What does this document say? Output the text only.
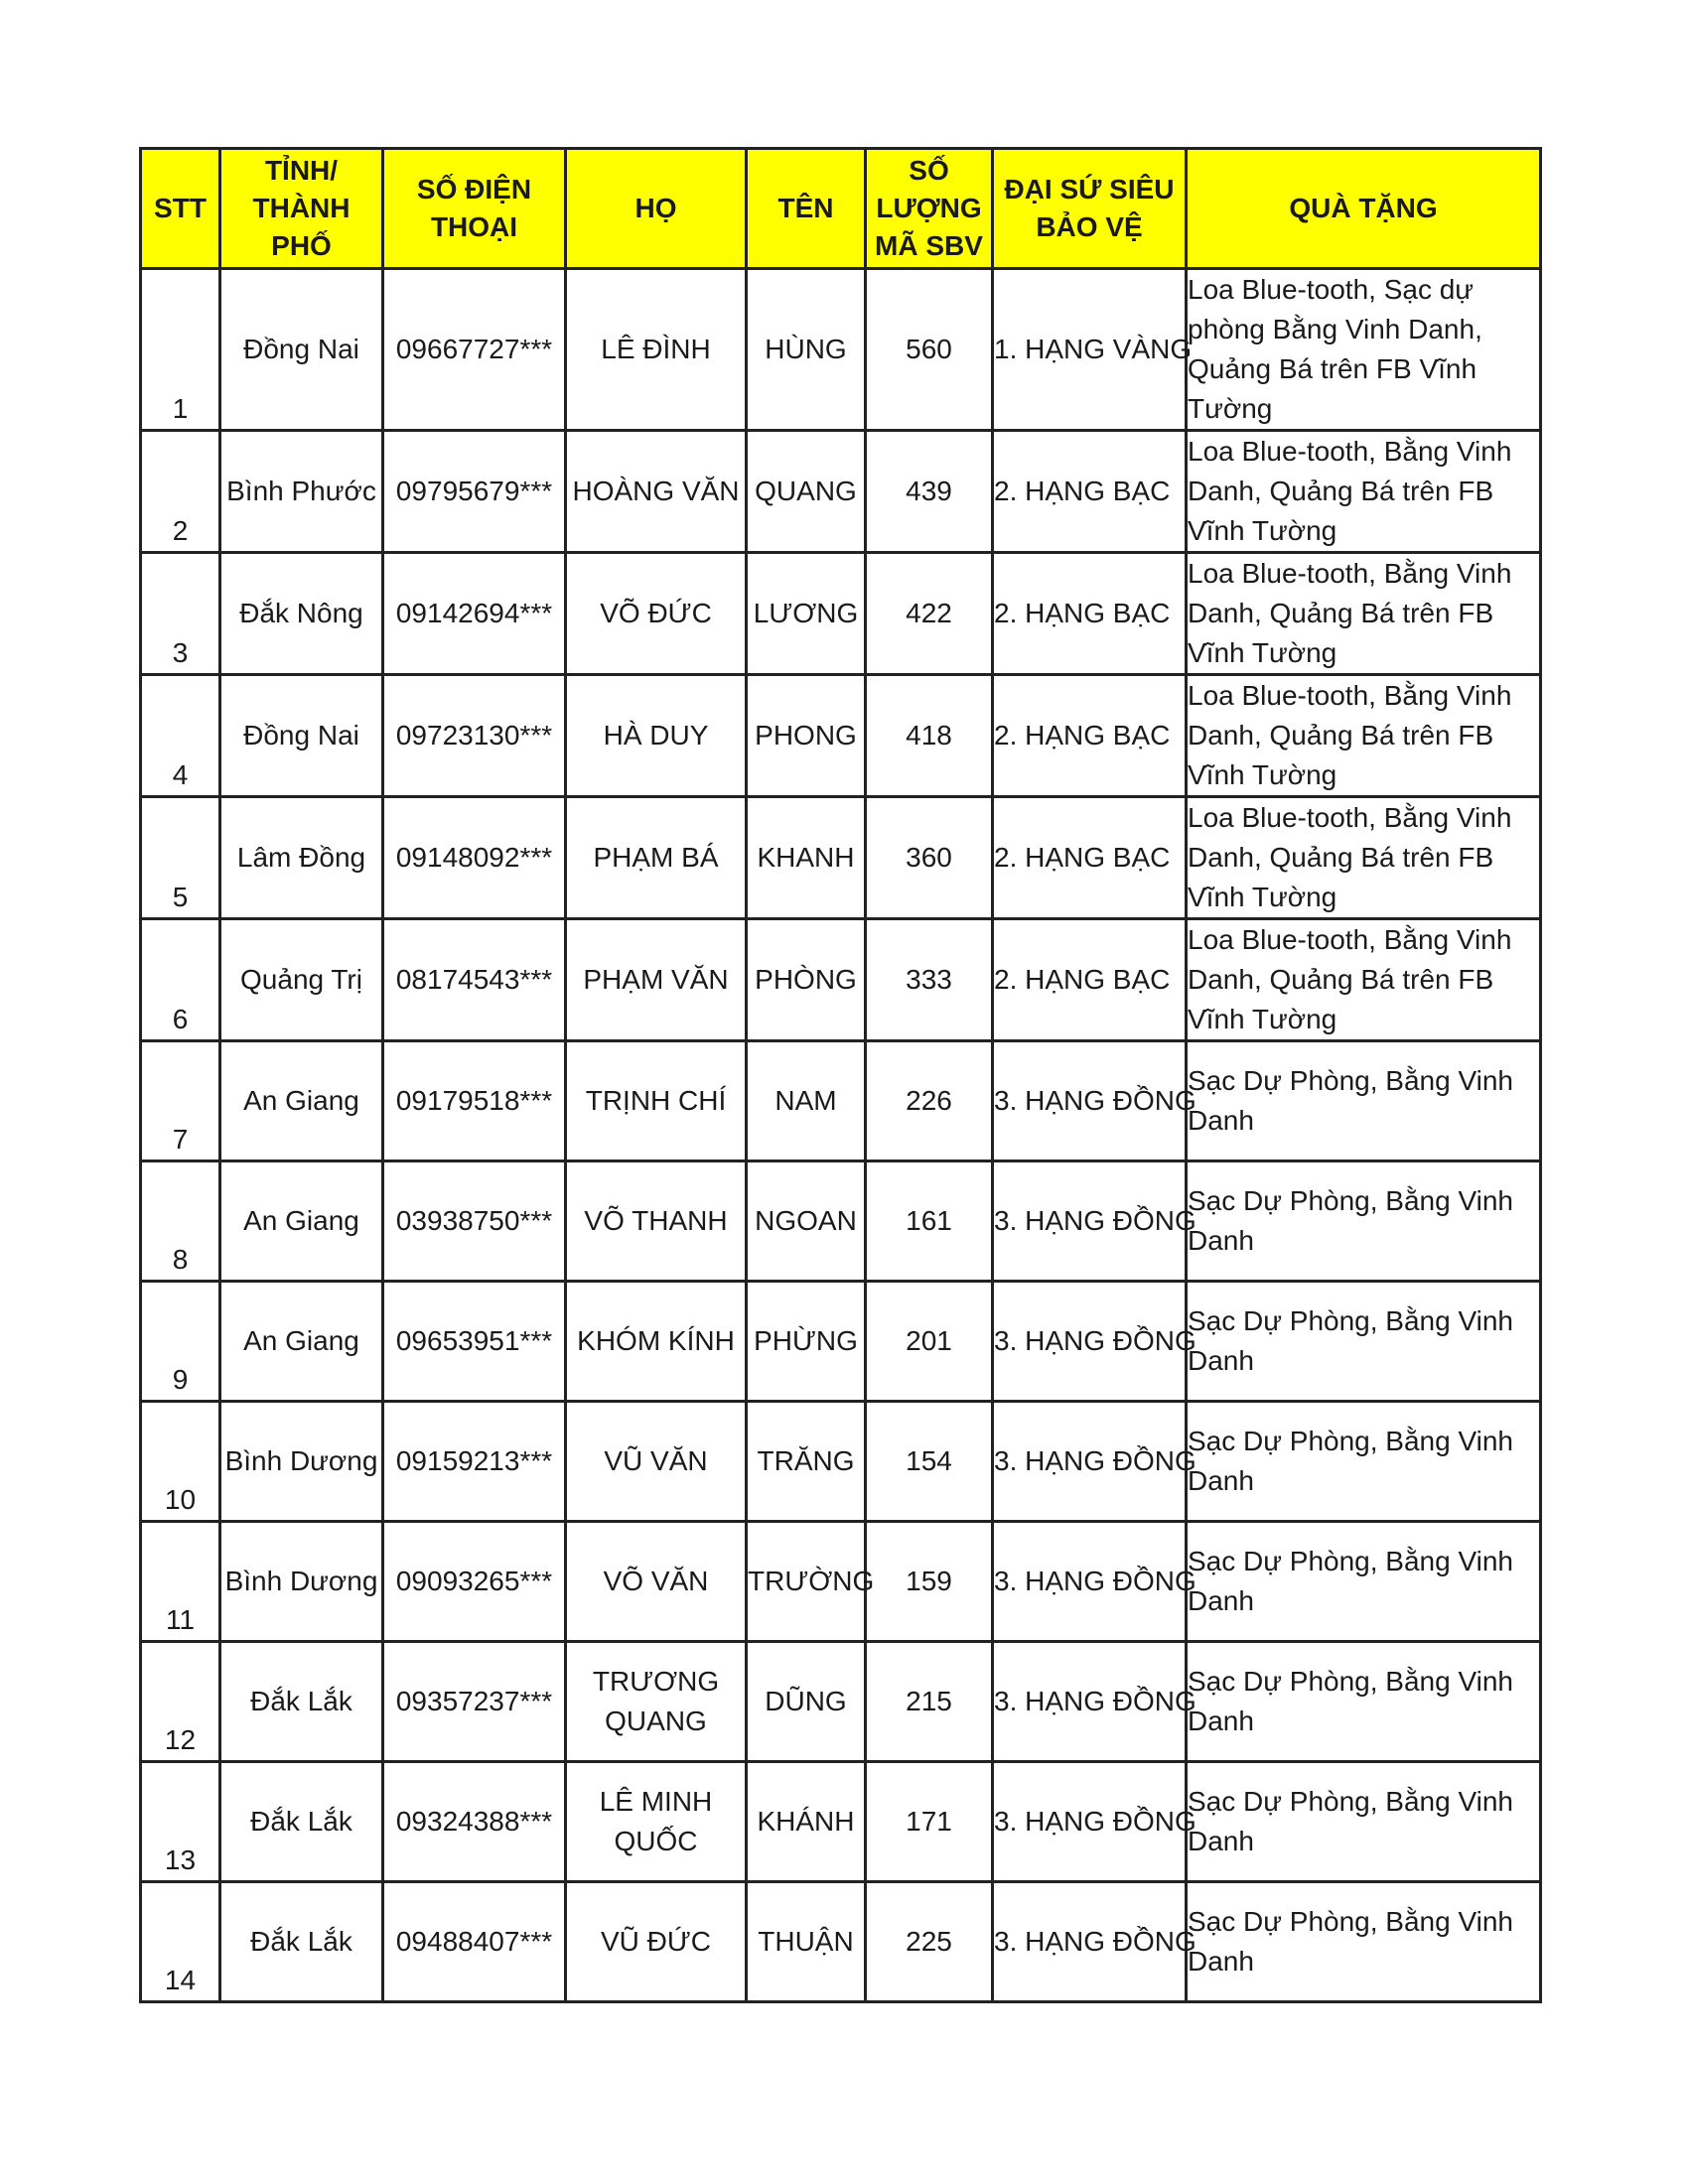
STT	TỈNH/ THÀNH PHỐ	SỐ ĐIỆN THOẠI	HỌ	TÊN	SỐ LƯỢNG MÃ SBV	ĐẠI SỨ SIÊU BẢO VỆ	QUÀ TẶNG
1	Đồng Nai	09667727***	LÊ ĐÌNH	HÙNG	560	1. HẠNG VÀNG	Loa Blue-tooth, Sạc dự phòng Bằng Vinh Danh, Quảng Bá trên FB Vĩnh Tường
2	Bình Phước	09795679***	HOÀNG VĂN	QUANG	439	2. HẠNG BẠC	Loa Blue-tooth, Bằng Vinh Danh, Quảng Bá trên FB Vĩnh Tường
3	Đắk Nông	09142694***	VÕ ĐỨC	LƯƠNG	422	2. HẠNG BẠC	Loa Blue-tooth, Bằng Vinh Danh, Quảng Bá trên FB Vĩnh Tường
4	Đồng Nai	09723130***	HÀ DUY	PHONG	418	2. HẠNG BẠC	Loa Blue-tooth, Bằng Vinh Danh, Quảng Bá trên FB Vĩnh Tường
5	Lâm Đồng	09148092***	PHẠM BÁ	KHANH	360	2. HẠNG BẠC	Loa Blue-tooth, Bằng Vinh Danh, Quảng Bá trên FB Vĩnh Tường
6	Quảng Trị	08174543***	PHẠM VĂN	PHÒNG	333	2. HẠNG BẠC	Loa Blue-tooth, Bằng Vinh Danh, Quảng Bá trên FB Vĩnh Tường
7	An Giang	09179518***	TRỊNH CHÍ	NAM	226	3. HẠNG ĐỒNG	Sạc Dự Phòng, Bằng Vinh Danh
8	An Giang	03938750***	VÕ THANH	NGOAN	161	3. HẠNG ĐỒNG	Sạc Dự Phòng, Bằng Vinh Danh
9	An Giang	09653951***	KHÓM KÍNH	PHỪNG	201	3. HẠNG ĐỒNG	Sạc Dự Phòng, Bằng Vinh Danh
10	Bình Dương	09159213***	VŨ VĂN	TRĂNG	154	3. HẠNG ĐỒNG	Sạc Dự Phòng, Bằng Vinh Danh
11	Bình Dương	09093265***	VÕ VĂN	TRƯỜNG	159	3. HẠNG ĐỒNG	Sạc Dự Phòng, Bằng Vinh Danh
12	Đắk Lắk	09357237***	TRƯƠNG QUANG	DŨNG	215	3. HẠNG ĐỒNG	Sạc Dự Phòng, Bằng Vinh Danh
13	Đắk Lắk	09324388***	LÊ MINH QUỐC	KHÁNH	171	3. HẠNG ĐỒNG	Sạc Dự Phòng, Bằng Vinh Danh
14	Đắk Lắk	09488407***	VŨ ĐỨC	THUẬN	225	3. HẠNG ĐỒNG	Sạc Dự Phòng, Bằng Vinh Danh
